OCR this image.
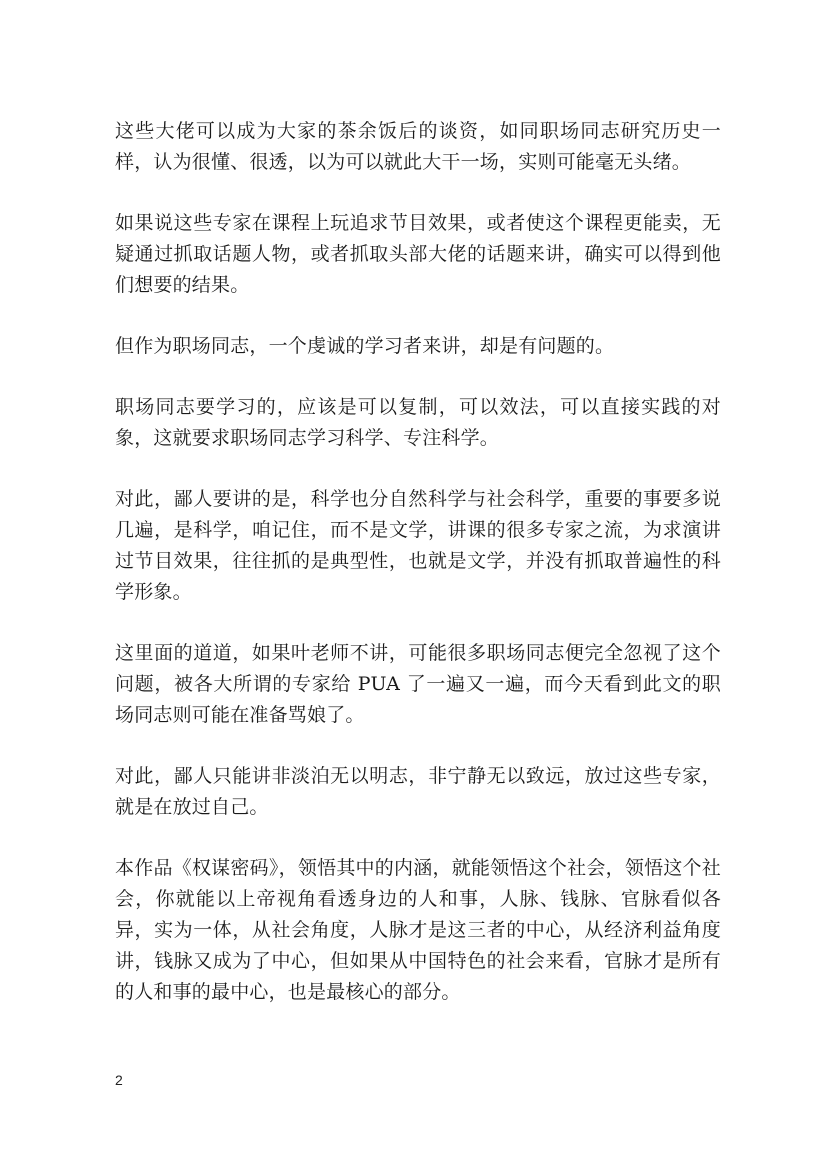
这些大佬可以成为大家的茶余饭后的谈资，如同职场同志研究历史一样，认为很懂、很透，以为可以就此大干一场，实则可能毫无头绪。

如果说这些专家在课程上玩追求节目效果，或者使这个课程更能卖，无疑通过抓取话题人物，或者抓取头部大佬的话题来讲，确实可以得到他们想要的结果。

但作为职场同志，一个虔诚的学习者来讲，却是有问题的。

职场同志要学习的，应该是可以复制，可以效法，可以直接实践的对象，这就要求职场同志学习科学、专注科学。

对此，鄙人要讲的是，科学也分自然科学与社会科学，重要的事要多说几遍，是科学，咱记住，而不是文学，讲课的很多专家之流，为求演讲过节目效果，往往抓的是典型性，也就是文学，并没有抓取普遍性的科学形象。

这里面的道道，如果叶老师不讲，可能很多职场同志便完全忽视了这个问题，被各大所谓的专家给 PUA 了一遍又一遍，而今天看到此文的职场同志则可能在准备骂娘了。

对此，鄙人只能讲非淡泊无以明志，非宁静无以致远，放过这些专家，就是在放过自己。

本作品《权谋密码》，领悟其中的内涵，就能领悟这个社会，领悟这个社会，你就能以上帝视角看透身边的人和事，人脉、钱脉、官脉看似各异，实为一体，从社会角度，人脉才是这三者的中心，从经济利益角度讲，钱脉又成为了中心，但如果从中国特色的社会来看，官脉才是所有的人和事的最中心，也是最核心的部分。

2
